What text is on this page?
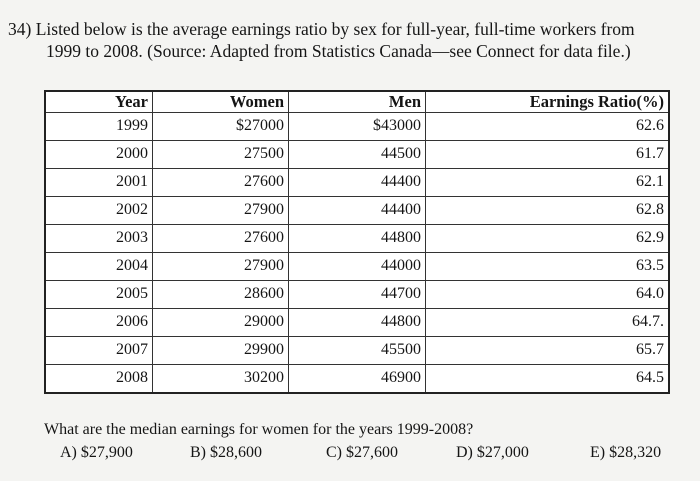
34) Listed below is the average earnings ratio by sex for full-year, full-time workers from
1999 to 2008. (Source: Adapted from Statistics Canada—see Connect for data file.)
Year	Women	Men	Earnings Ratio(%)
1999	$27000	$43000	62.6
2000	27500	44500	61.7
2001	27600	44400	62.1
2002	27900	44400	62.8
2003	27600	44800	62.9
2004	27900	44000	63.5
2005	28600	44700	64.0
2006	29000	44800	64.7.
2007	29900	45500	65.7
2008	30200	46900	64.5
What are the median earnings for women for the years 1999-2008?
A) $27,900	B) $28,600	C) $27,600	D) $27,000	E) $28,320
